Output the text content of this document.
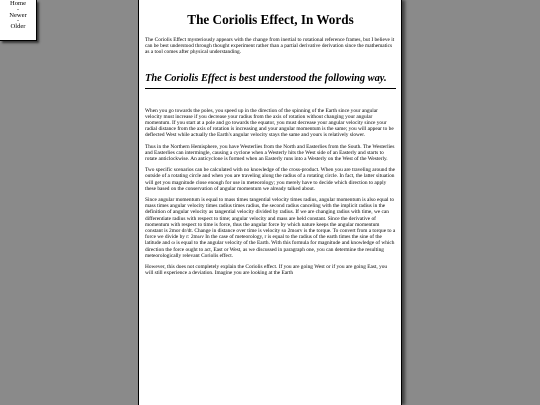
Home
-
Newer
-
Older	The Coriolis Effect, In Words

The Coriolis Effect mysteriously appears with the change from inertial to rotational reference frames, but I believe it can be best understood through thought experiment rather than a partial derivative derivation since the mathematics as a tool comes after physical understanding.

The Coriolis Effect is best understood the following way.

When you go towards the poles, you speed up in the direction of the spinning of the Earth since your angular velocity must increase if you decrease your radius from the axis of rotation without changing your angular momentum. If you start at a pole and go towards the equator, you must decrease your angular velocity since your radial distance from the axis of rotation is increasing and your angular momentum is the same; you will appear to be deflected West while actually the Earth's angular velocity stays the same and yours is relatively slower.

Thus in the Northern Hemisphere, you have Westerlies from the North and Easterlies from the South. The Westerlies and Easterlies can intermingle, causing a cyclone when a Westerly hits the West side of an Easterly and starts to rotate anticlockwise. An anticyclone is formed when an Easterly runs into a Westerly on the West of the Westerly.

Two specific scenarios can be calculated with no knowledge of the cross-product. When you are traveling around the outside of a rotating circle and when you are traveling along the radius of a rotating circle. In fact, the latter situation will get you magnitude close enough for use in meteorology; you merely have to decide which direction to apply these based on the conservation of angular momentum we already talked about.

Since angular momentum is equal to mass times tangential velocity times radius, angular momentum is also equal to mass times angular velocity times radius times radius, the second radius canceling with the implicit radius in the definition of angular velocity as tangential velocity divided by radius. If we are changing radius with time, we can differentiate radius with respect to time; angular velocity and mass are held constant. Since the derivative of momentum with respect to time is force, thus the angular force by which nature keeps the angular momentum constant is 2mor dr/dt. Change in distance over time is velocity so 2mωrv is the torque. To convert from a torque to a force we divide by r: 2mωv In the case of meteorology, r is equal to the radius of the earth times the sine of the latitude and ω is equal to the angular velocity of the Earth. With this formula for magnitude and knowledge of which direction the force ought to act, East or West, as we discussed in paragraph one, you can determine the resulting meteorologically relevant Coriolis effect.

However, this does not completely explain the Coriolis effect. If you are going West or if you are going East, you will still experience a deviation. Imagine you are looking at the Earth
